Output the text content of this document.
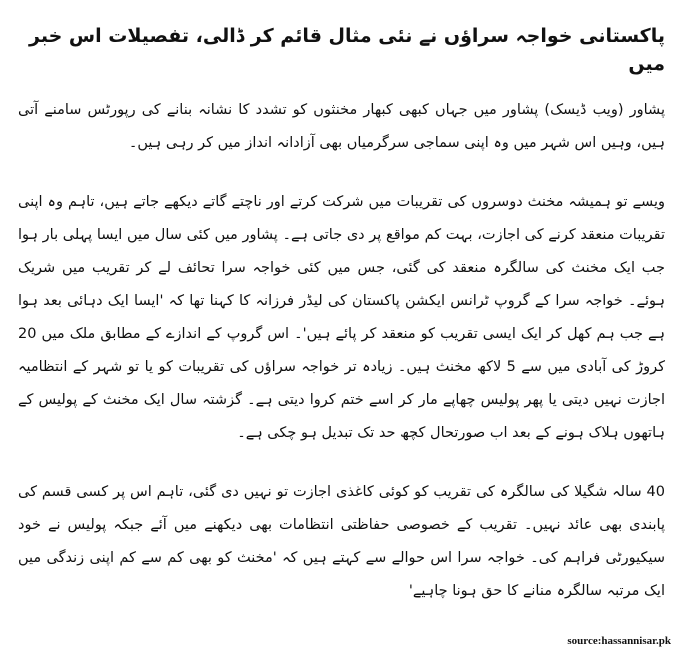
پاکستانی خواجہ سراؤں نے نئی مثال قائم کر ڈالی، تفصیلات اس خبر میں

پشاور (ویب ڈیسک) پشاور میں جہاں کبھی کبھار مخنثوں کو تشدد کا نشانہ بنانے کی رپورٹس سامنے آتی ہیں، وہیں اس شہر میں وہ اپنی سماجی سرگرمیاں بھی آزادانہ انداز میں کر رہی ہیں۔

ویسے تو ہمیشہ مخنث دوسروں کی تقریبات میں شرکت کرتے اور ناچتے گاتے دیکھے جاتے ہیں، تاہم وہ اپنی تقریبات منعقد کرنے کی اجازت، بہت کم مواقع پر دی جاتی ہے۔ پشاور میں کئی سال میں ایسا پہلی بار ہوا جب ایک مخنث کی سالگرہ منعقد کی گئی، جس میں کئی خواجہ سرا تحائف لے کر تقریب میں شریک ہوئے۔ خواجہ سرا کے گروپ ٹرانس ایکشن پاکستان کی لیڈر فرزانہ کا کہنا تھا کہ 'ایسا ایک دہائی بعد ہوا ہے جب ہم کھل کر ایک ایسی تقریب کو منعقد کر پائے ہیں'۔ اس گروپ کے اندازے کے مطابق ملک میں 20 کروڑ کی آبادی میں سے 5 لاکھ مخنث ہیں۔ زیادہ تر خواجہ سراؤں کی تقریبات کو یا تو شہر کے انتظامیہ اجازت نہیں دیتی یا پھر پولیس چھاپے مار کر اسے ختم کروا دیتی ہے۔ گزشتہ سال ایک مخنث کے پولیس کے ہاتھوں ہلاک ہونے کے بعد اب صورتحال کچھ حد تک تبدیل ہو چکی ہے۔

40 سالہ شگیلا کی سالگرہ کی تقریب کو کوئی کاغذی اجازت تو نہیں دی گئی، تاہم اس پر کسی قسم کی پابندی بھی عائد نہیں۔ تقریب کے خصوصی حفاظتی انتظامات بھی دیکھنے میں آئے جبکہ پولیس نے خود سیکیورٹی فراہم کی۔ خواجہ سرا اس حوالے سے کہتے ہیں کہ 'مخنث کو بھی کم سے کم اپنی زندگی میں ایک مرتبہ سالگرہ منانے کا حق ہونا چاہیے'

source:hassannisar.pk
